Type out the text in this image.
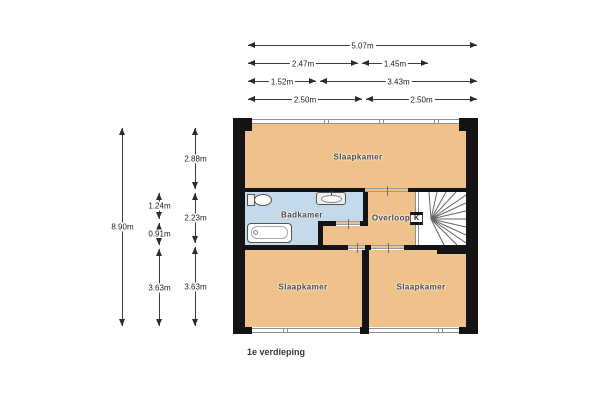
5.07m
2.47m	1.45m
1.52m	3.43m
2.50m	2.50m
8.90m
2.88m
1.24m
2.23m
0.91m
3.63m 3.63m
K
Slaapkamer
Badkamer	Overloop
Slaapkamer	Slaapkamer
1e verdieping
